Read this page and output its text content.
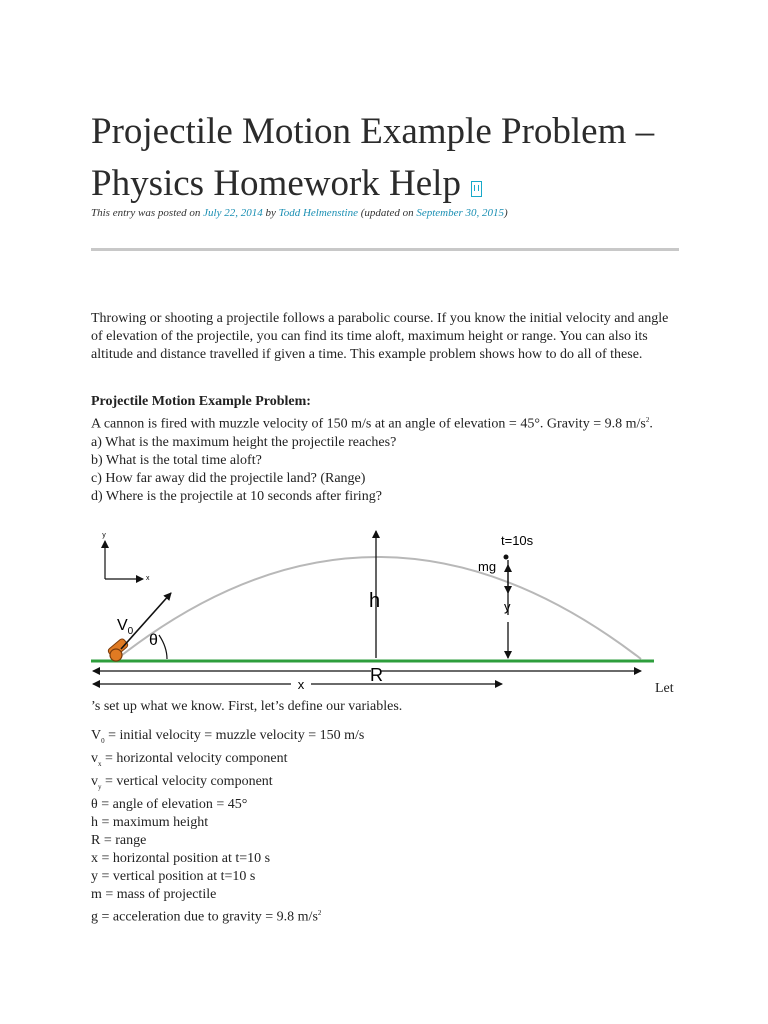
Projectile Motion Example Problem – Physics Homework Help
This entry was posted on July 22, 2014 by Todd Helmenstine (updated on September 30, 2015)

Throwing or shooting a projectile follows a parabolic course. If you know the initial velocity and angle of elevation of the projectile, you can find its time aloft, maximum height or range. You can also its altitude and distance travelled if given a time. This example problem shows how to do all of these.

Projectile Motion Example Problem:
A cannon is fired with muzzle velocity of 150 m/s at an angle of elevation = 45°. Gravity = 9.8 $m/s^2$.
a) What is the maximum height the projectile reaches?
b) What is the total time aloft?
c) How far away did the projectile land? (Range)
d) Where is the projectile at 10 seconds after firing?
y
x
$V_0$
θ
h
R
x
t=10s
mg
y
Let
’s set up what we know. First, let’s define our variables.
$V_0$ = initial velocity = muzzle velocity = 150 m/s
$v_x$ = horizontal velocity component
$v_y$ = vertical velocity component
θ = angle of elevation = 45°
h = maximum height
R = range
x = horizontal position at t=10 s
y = vertical position at t=10 s
m = mass of projectile
g = acceleration due to gravity = 9.8 $m/s^2$
